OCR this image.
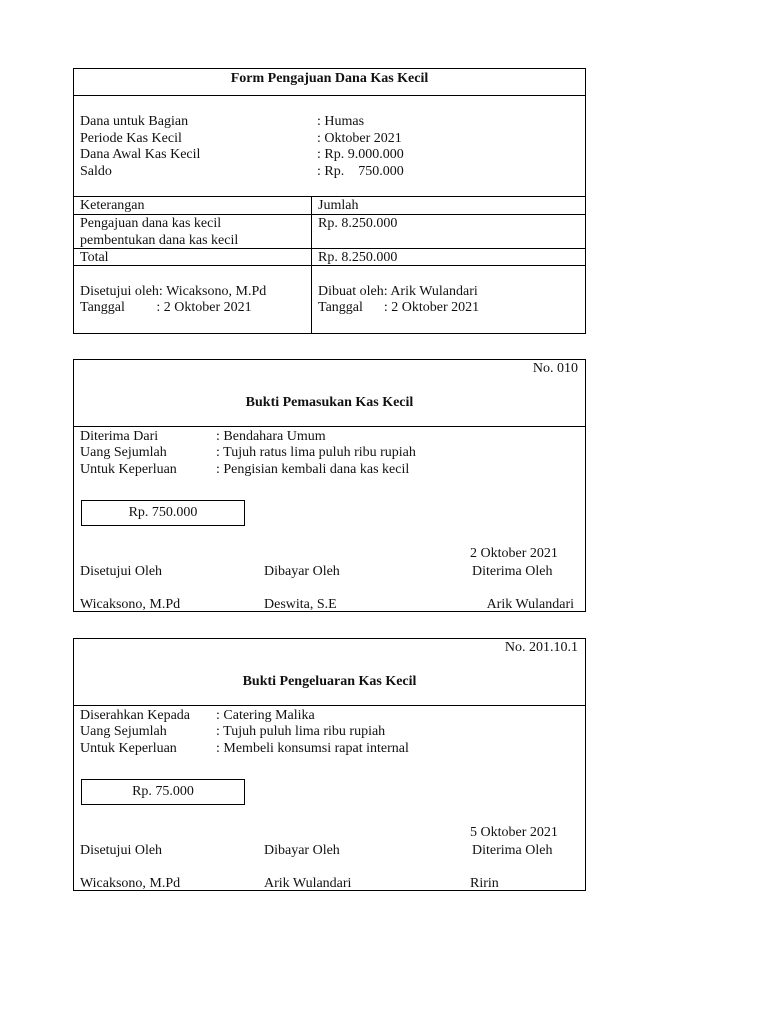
Form Pengajuan Dana Kas Kecil
Dana untuk Bagian	: Humas
Periode Kas Kecil	: Oktober 2021
Dana Awal Kas Kecil	: Rp. 9.000.000
Saldo	: Rp.    750.000
Keterangan	Jumlah
Pengajuan dana kas kecil
pembentukan dana kas kecil
Rp. 8.250.000
Total	Rp. 8.250.000
Disetujui oleh: Wicaksono, M.Pd
Tanggal         : 2 Oktober 2021
Dibuat oleh: Arik Wulandari
Tanggal      : 2 Oktober 2021
No. 010
Bukti Pemasukan Kas Kecil
Diterima Dari	: Bendahara Umum
Uang Sejumlah	: Tujuh ratus lima puluh ribu rupiah
Untuk Keperluan	: Pengisian kembali dana kas kecil
Rp. 750.000
2 Oktober 2021
Disetujui Oleh	Dibayar Oleh	Diterima Oleh
Wicaksono, M.Pd	Deswita, S.E	Arik Wulandari
No. 201.10.1
Bukti Pengeluaran Kas Kecil
Diserahkan Kepada : Catering Malika
Uang Sejumlah	: Tujuh puluh lima ribu rupiah
Untuk Keperluan	: Membeli konsumsi rapat internal
Rp. 75.000
5 Oktober 2021
Disetujui Oleh	Dibayar Oleh	Diterima Oleh
Wicaksono, M.Pd	Arik Wulandari	Ririn
